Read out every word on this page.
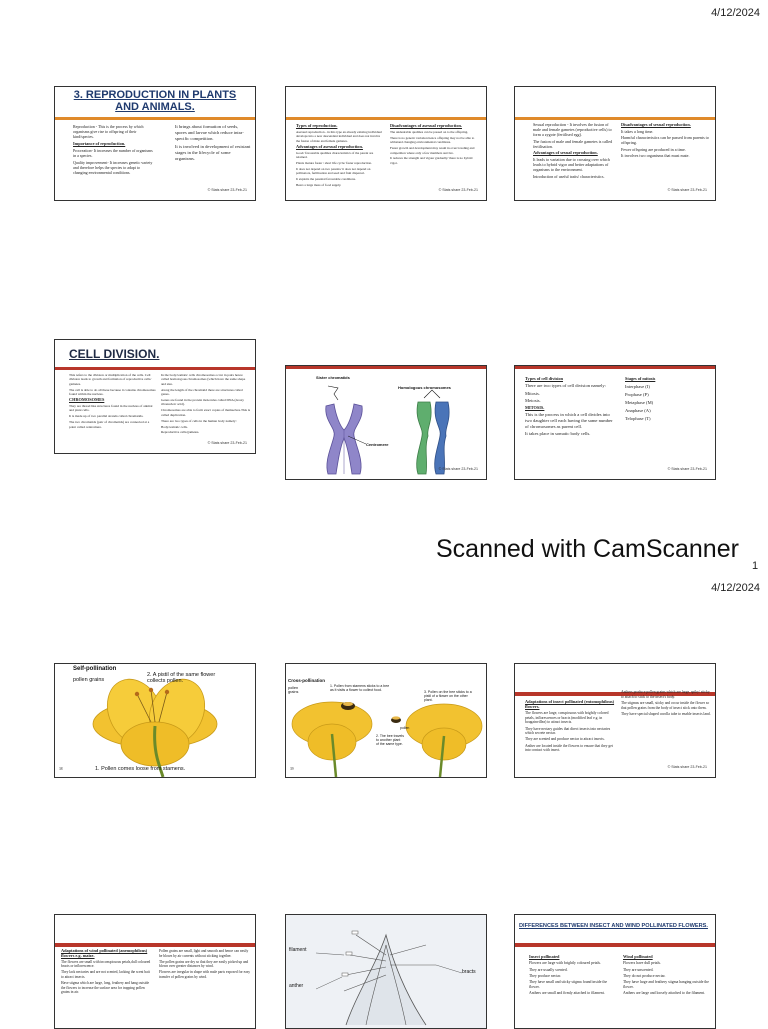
4/12/2024
3. REPRODUCTION IN PLANTS AND ANIMALS.

Reproduction - This is the process by which organisms give rise to offspring of their kind/species.

Importance of reproduction.

Procreation- It increases the number of organisms in a species.

Quality improvement- It increases genetic variety and therefore helps the species to adapt to changing environmental conditions.

It brings about formation of seeds, spores and larvae which reduce intra-specific competition.

It is involved in development of resistant stages in the lifecycle of some organisms.

© Stats share 23-Feb-21

Types of reproduction.

Asexual reproduction - in this type an already existing individual develops into a new descendant individual and does not involve the fusion of male and female gametes.

Advantages of asexual reproduction.

Good/ favourable qualities characteristics of the parent are retained.

Plants mature faster / short life cycle/ faster reproduction.

It does not depend on two parents/ it does not depend on pollinators, fertilisation and seed and fruit dispersal.

It exploits the parental favourable conditions.

Bears a large mass of food supply.

Disadvantages of asexual reproduction.

The undesirable qualities can be passed on to the offspring.

There is no genetic variation hence offspring may not be able to withstand changing environmental conditions.

Faster growth and development may result in overcrowding and competition where only a few members survive.

It reduces the strength and vigour gradually/ there is no hybrid vigor.

© Stats share 23-Feb-21

Sexual reproduction - It involves the fusion of male and female gametes (reproductive cells) to form a zygote (fertilised egg).

The fusion of male and female gametes is called fertilisation.

Advantages of sexual reproduction.

It leads to variation due to crossing over which leads to hybrid vigor and better adaptations of organisms to the environment.

Introduction of useful traits/ characteristics.

Disadvantages of sexual reproduction.

It takes a long time.

Harmful characteristics can be passed from parents to offspring.

Fewer offspring are produced in a time.

It involves two organisms that must mate.

© Stats share 23-Feb-21
CELL DIVISION.

This refers to the division or multiplication of the cells. Cell division leads to growth and formation of reproductive cells/ gametes.

The cell is able to do all these because it contains chromosomes found within the nucleus.

CHROMOSOMES

They are thread like structures found in the nucleus of animal and plant cells.

It is made up of two parallel strands called chromatids.

The two chromatids (pair of chromatids) are connected at a point called centromere.

In the body/somatic cells chromosomes occur in pairs hence called homologous chromosomes (which have the same shape and size.

Along the length of the chromatid there are structures called genes.

Genes are found in the protein molecules called DNA (deoxy ribonucleic acid).

Chromosomes are able to form exact copies of themselves.This is called duplication.

There are two types of cells in the human body namely:

Body/somatic cells.

Reproductive cells/gametes.

© Stats share 23-Feb-21
Sister chromatids
Homologous chromosomes
Centromere
© Stats share 23-Feb-21

Types of cell division

There are two types of cell division namely:

Mitosis.

Meiosis.

MITOSIS.

This is the process in which a cell divides into two daughter cell each having the same number of chromosomes as parent cell.

It takes place in somatic body cells.

Stages of mitosis

Interphase (I)

Prophase (P)

Metaphase (M)

Anaphase (A)

Telophase (T)

© Stats share 23-Feb-21
Scanned with CamScanner
1
4/12/2024
Self-pollination
pollen grains
2. A pistil of the same flower collects pollen.
1. Pollen comes loose from stamens.
38
Cross-pollination
pollen grains
1. Pollen from stamens sticks to a bee as it visits a flower to collect food.
2. The bee travels to another plant of the same type.
3. Pollen on the bee sticks to a pistil of a flower on the other plant.
pollen
39

Adaptations of insect pollinated (entomophilous) flowers.

The flowers are large, conspicuous with brightly colored petals, inflorescences or bracts (modified leaf e.g. in bougainvillea) to attract insects.

They have nectary guides that direct insects into nectaries which secrete nectar.

They are scented and produce nectar to attract insects.

Anther are located inside the flowers to ensure that they get into contact with insect.

Anthers produce pollen grains which are large, spiky/ sticky to attach to stick to the insect's body.

The stigmas are small, sticky and occur inside the flower so that pollen grains from the body of insect stick onto them.

They have special shaped corolla tube to enable insects land.

© Stats share 23-Feb-21

Adaptations of wind pollinated (anemophilous) flowers e.g. maize.

The flowers are small with inconspicuous petals,dull coloured bracts or inflorescence.

They lack nectaries and are not scented, lacking the scent bait to attract insects.

Have stigma which are large, long, feathery and hang outside the flowers to increase the surface area for trapping pollen grains in air.

Pollen grains are small, light and smooth and hence can easily be blown by air currents without sticking together.

The pollen grains are dry so that they are easily picked up and blown over greater distances by wind.

Flowers are irregular in shape with male parts exposed for easy transfer of pollen grains by wind.

filament
anther
bracts
DIFFERENCES BETWEEN INSECT AND WIND POLLINATED FLOWERS.

Insect pollinated

Flowers are large with brightly coloured petals.

They are usually scented.

They produce nectar.

They have small and sticky stigma found inside the flower.

Anthers are small and firmly attached to filament.

Wind pollinated

Flowers have dull petals.

They are unscented.

They do not produce nectar.

They have large and feathery stigma hanging outside the flower.

Anthers are large and loosely attached to the filament.
